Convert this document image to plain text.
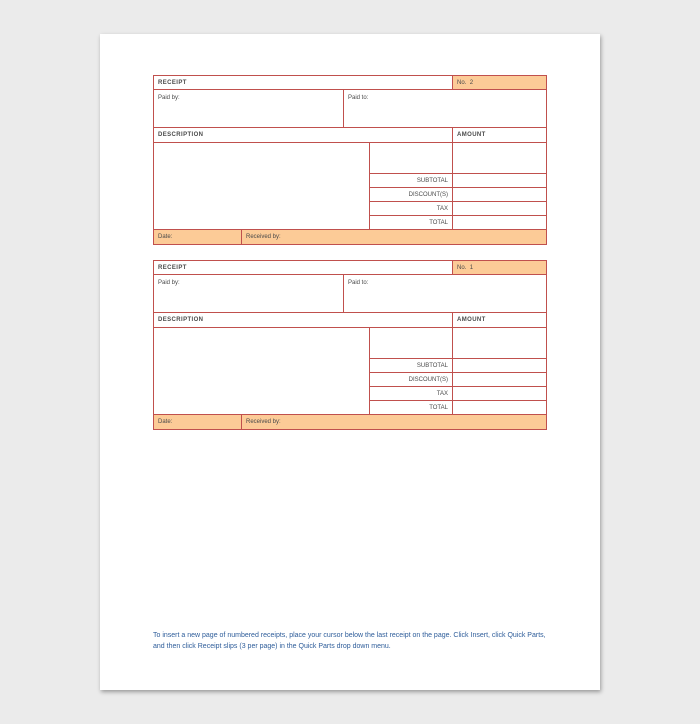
RECEIPT				No. 2
Paid by:		Paid to:		
DESCRIPTION				AMOUNT

			SUBTOTAL	
			DISCOUNT(S)	
			TAX	
			TOTAL	
Date:	Received by:			
RECEIPT				No. 1
Paid by:		Paid to:		
DESCRIPTION				AMOUNT

			SUBTOTAL	
			DISCOUNT(S)	
			TAX	
			TOTAL	
Date:	Received by:			
To insert a new page of numbered receipts, place your cursor below the last receipt on the page. Click Insert, click Quick Parts, and then click Receipt slips (3 per page) in the Quick Parts drop down menu.
